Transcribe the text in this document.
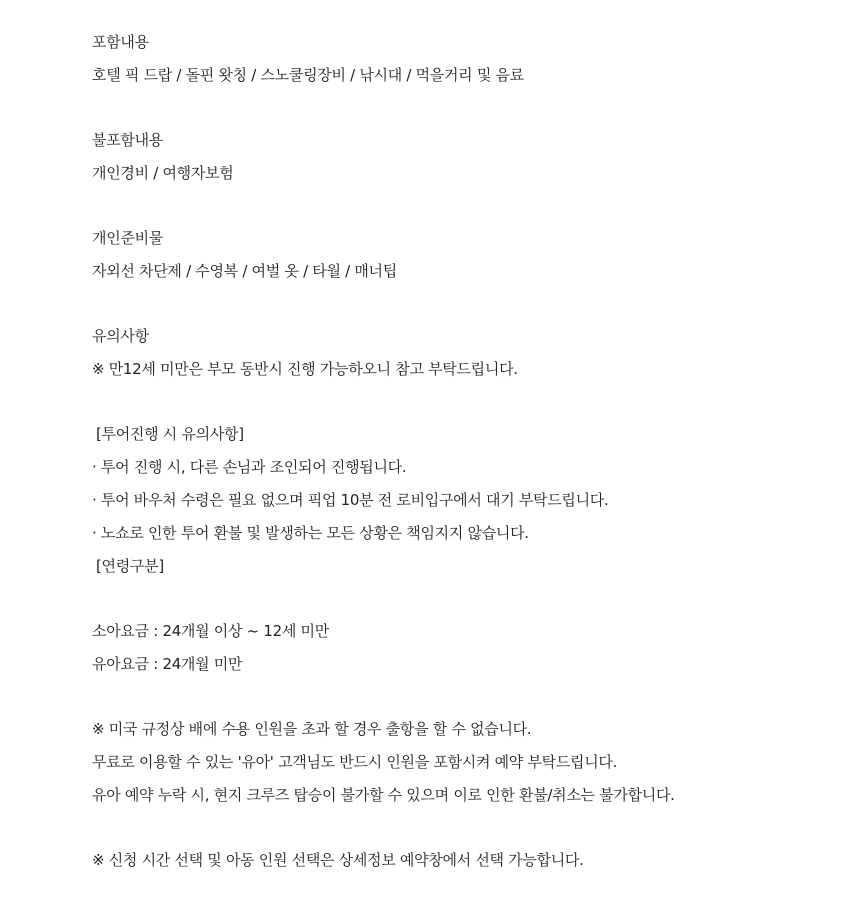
포함내용
호텔 픽 드랍 / 돌핀 왓칭 / 스노쿨링장비 / 낚시대 / 먹을거리 및 음료
불포함내용
개인경비 / 여행자보험
개인준비물
자외선 차단제 / 수영복 / 여벌 옷 / 타월 / 매너팁
유의사항
※ 만12세 미만은 부모 동반시 진행 가능하오니 참고 부탁드립니다.
[투어진행 시 유의사항]
· 투어 진행 시, 다른 손님과 조인되어 진행됩니다.
· 투어 바우처 수령은 필요 없으며 픽업 10분 전 로비입구에서 대기 부탁드립니다.
· 노쇼로 인한 투어 환불 및 발생하는 모든 상황은 책임지지 않습니다.
[연령구분]
소아요금 : 24개월 이상 ~ 12세 미만
유아요금 : 24개월 미만
※ 미국 규정상 배에 수용 인원을 초과 할 경우 출항을 할 수 없습니다.
무료로 이용할 수 있는 '유아' 고객님도 반드시 인원을 포함시켜 예약 부탁드립니다.
유아 예약 누락 시, 현지 크루즈 탑승이 불가할 수 있으며 이로 인한 환불/취소는 불가합니다.
※ 신청 시간 선택 및 아동 인원 선택은 상세정보 예약창에서 선택 가능합니다.
